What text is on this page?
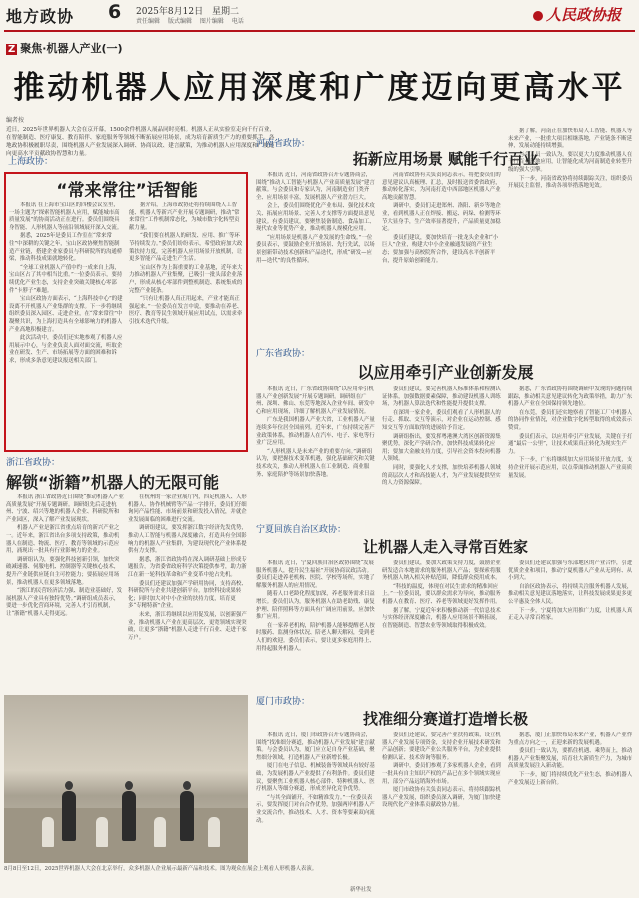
地方政协 6 2025年8月12日 星期二
责任编辑 版式编辑 图片编辑 电话	人民政协报
Z 聚焦·机器人产业(一)
推动机器人应用深度和广度迈向更高水平
编者按
近日，2025年世界机器人大会在京开幕，1500余件机器人展品同时亮相。机器人正从实验室走向千行百业，在智能制造、医疗康复、教育陪伴、家庭服务等领域不断拓展应用场景，成为培育新质生产力的重要抓手。各地政协积极履职尽责，围绕机器人产业发展深入调研、协商议政、建言献策，为推动机器人应用深度和广度迈向更高水平贡献政协智慧和力量。
上海政协：
“常来常往”话智能

本报讯 在上海市宝山区的四楼会议室里，一场主题为“探索智能机器人应用，赋能城市高质量发展”的协商活动正在进行。委员们围绕具身智能、人形机器人等前沿领域展开深入交流。

据悉，2025年是委员工作室在“常来常往”中深耕的关键之年，宝山区政协聚焦智能制造产业链，搭建企业家委员与科研院所的沟通桥梁，推动科技成果就地转化。

“全球工业机器人产值中约一成来自上海，宝山区占了其中相当比重。”一位委员表示，要持续优化产业生态，支持企业突破关键核心零部件“卡脖子”难题。

宝山区政协方面表示，“上海科技中心”的建设离不开机器人产业集群的支撑。下一步将继续组织委员深入园区、走进企业，在“常来常往”中凝聚共识，为上海打造具有全球影响力的机器人产业高地积极建言。

此次活动中，委员们还实地参观了机器人应用展示中心，与企业负责人面对面交流，听取企业在研发、生产、市场拓展等方面的困难和诉求，形成多条意见建议报送相关部门。

据介绍，上海市政协还将持续围绕人工智能、机器人等新兴产业开展专题调研，推动“常来常往”工作机制常态化，为城市数字化转型贡献力量。

“我们要在机器人的研发、应用、推广等环节持续发力。”委员们纷纷表示，希望政府加大政策扶持力度，完善机器人应用场景开放机制，让更多智能产品走进生产生活。

宝山区作为上海重要的工业基地，近年来大力推动机器人产业集聚，已吸引一批头部企业落户，形成从核心零部件到整机制造、系统集成的完整产业链条。

“只有让机器人真正用起来，产业才能真正强起来。”一位委员在发言中说，要推动在养老、医疗、教育等民生领域开展应用试点，以需求牵引技术迭代升级。

浙江省政协：
解锁“浙籍”机器人的无限可能

本报讯 浙江省政协近日围绕“推动机器人产业高质量发展”开展专题调研。调研组先后走进杭州、宁波、绍兴等地的机器人企业、科研院所和产业园区，深入了解产业发展现状。

机器人产业是浙江省重点培育的新兴产业之一。近年来，浙江省出台多项支持政策，推动机器人在制造、物流、医疗、教育等领域的示范应用，涌现出一批具有行业影响力的企业。

调研组认为，要强化科技创新引领，加快突破减速器、伺服电机、控制器等关键核心技术，提升产业链供应链自主可控能力；要拓展应用场景，推动机器人在更多领域落地。

“浙江的民营经济活力强、制造业基础好，发展机器人产业具有独特优势。”调研组成员表示，要进一步优化营商环境，完善人才引育机制，让“浙籍”机器人走得更远。

在杭州的一家企业展厅内，四足机器人、人形机器人、协作机械臂等产品一字排开，委员们仔细询问产品性能、市场前景和研发投入情况，并就企业发展面临的困难进行交流。

调研组建议，要发挥浙江数字经济先发优势，推动人工智能与机器人深度融合，打造具有全国影响力的机器人产业集群，为建设现代化产业体系提供有力支撑。

据悉，浙江省政协将在深入调研基础上形成专题报告，为省委省政府科学决策提供参考，助力浙江在新一轮科技革命和产业变革中抢占先机。

委员们还建议加强产学研用协同，支持高校、科研院所与企业共建创新平台，加快科技成果转化；同时加大对中小企业的扶持力度，培育更多“专精特新”企业。

未来，浙江将继续以应用促发展，以创新强产业，推动机器人产业在更高层次、更宽领域实现突破，让更多“浙籍”机器人走进千行百业、走进千家万户。

8月8日至12日，2025世界机器人大会在北京举行，众多机器人企业展示最新产品和技术。图为观众在展会上观看人形机器人表演。
新华社发
河南省政协：
拓新应用场景 赋能千行百业

本报讯 近日，河南省政协召开专题协商会，围绕“推动人工智能与机器人产业高质量发展”建言献策。与会委员和专家认为，河南制造业门类齐全、应用场景丰富，发展机器人产业潜力巨大。

会上，委员们围绕优化产业布局、强化技术攻关、拓展应用场景、完善人才支撑等方面提出意见建议。有委员建议，要聚焦装备制造、食品加工、现代农业等优势产业，推动机器人规模化应用。

“应用场景是机器人产业发展的生命线。”一位委员表示，要鼓励企业开放场景、先行先试，以场景创新带动技术创新和产品迭代，形成“研发—应用—迭代”的良性循环。

河南省政协有关负责同志表示，将把委员们的意见建议认真梳理、汇总，及时报送省委省政府，推动转化落实，为河南打造中西部地区机器人产业高地贡献智慧。

调研中，委员们走进郑州、洛阳、新乡等地企业，看到机器人正在焊接、搬运、码垛、检测等环节大显身手，生产效率显著提升，产品质量更加稳定。

委员们建议，要加快培育一批龙头企业和“小巨人”企业，构建大中小企业融通发展的产业生态；要加强与高校院所合作，建设高水平创新平台，提升原始创新能力。

据了解，河南正在加快布局人工智能、机器人等未来产业，一批重大项目相继落地，产业链条不断延伸，发展动能持续增强。

与会人员一致认为，要以更大力度推动机器人在千行百业落地应用，让智能化成为河南制造业转型升级的强大引擎。

下一步，河南省政协将持续跟踪关注，组织委员开展民主监督，推动各项举措落地见效。

广东省政协：
以应用牵引产业创新发展

本报讯 近日，广东省政协围绕“以应用牵引机器人产业创新发展”开展专题调研。调研组在广州、深圳、佛山、东莞等地深入企业车间、研发中心和应用现场，详细了解机器人产业发展情况。

广东是我国机器人产业大省，工业机器人产量连续多年位居全国前列。近年来，广东持续完善产业政策体系，推动机器人在汽车、电子、家电等行业广泛应用。

“人形机器人是未来产业的重要方向。”调研组认为，要把握技术变革机遇，强化基础研究和关键技术攻关，推动人形机器人在工业制造、商业服务、家庭陪护等场景加快落地。

委员们建议，要完善机器人标准体系和检测认证体系，加强数据要素保障，推动建设机器人训练场，为机器人算法迭代和性能提升提供支撑。

在深圳一家企业，委员们观看了人形机器人的行走、抓取、交互等演示，对企业在运动控制、感知交互等方面取得的进展给予肯定。

调研组指出，要发挥粤港澳大湾区创新资源集聚优势，深化产学研合作，加快科技成果转化应用；要加大金融支持力度，引导社会资本投向机器人领域。

同时，要强化人才支撑，加快培养机器人领域的高层次人才和高技能人才，为产业发展提供坚实的人力资源保障。

据悉，广东省政协将围绕调研中发现的问题持续跟踪，推动相关意见建议转化为政策举措，助力广东机器人产业在全国保持领先地位。

在东莞，委员们还实地察看了智能工厂中机器人的协同作业情况，对企业数字化转型取得的成效表示赞赏。

委员们表示，以应用牵引产业发展，关键在于打通“最后一公里”，让技术成果真正转化为现实生产力。

下一步，广东将继续加大应用场景开放力度，支持企业开展示范应用，以点带面推动机器人产业高质量发展。

宁夏回族自治区政协：
让机器人走入寻常百姓家

本报讯 近日，宁夏回族自治区政协围绕“发展服务机器人，提升民生福祉”开展协商议政活动。委员们走进养老机构、医院、学校等场所，实地了解服务机器人的应用情况。

随着人口老龄化程度加深，养老服务需求日益增长。委员们认为，服务机器人在助老助残、康复护理、陪伴照料等方面具有广阔应用前景，应加快推广应用。

在一家养老机构，陪护机器人能够提醒老人按时服药、监测身体状况、陪老人聊天解闷，受到老人们的欢迎。委员们表示，要让更多家庭用得上、用得起服务机器人。

委员们建议，要加大政策支持力度，鼓励企业研发适合本地需求的服务机器人产品；要探索将服务机器人纳入相关补贴范围，降低群众使用成本。

“科技的温度，体现在对民生需求的精准回应上。”一位委员说，要以群众需求为导向，推动服务机器人在教育、医疗、养老等领域更好发挥作用。

据了解，宁夏近年来积极推动新一代信息技术与实体经济深度融合，机器人应用场景不断拓展，在智能制造、智慧农业等领域取得积极成效。

委员们还建议加强与东部地区的产业合作，引进优质企业和项目，推动宁夏机器人产业从无到有、从小到大。

自治区政协表示，将持续关注服务机器人发展，推动相关意见建议落地落实，让科技发展成果更多更公平惠及全体人民。

下一步，宁夏将加大应用推广力度，让机器人真正走入寻常百姓家。

厦门市政协：
找准细分赛道打造增长极

本报讯 近日，厦门市政协召开专题协商会，围绕“找准细分赛道，推动机器人产业发展”建言献策。与会委员认为，厦门应立足自身产业基础，聚焦细分领域，打造机器人产业新增长极。

厦门在电子信息、机械装备等领域具有较好基础，为发展机器人产业提供了有利条件。委员们建议，要聚焦工业机器人核心部件、特种机器人、医疗机器人等细分赛道，形成差异化竞争优势。

“与其全面铺开，不如精准发力。”一位委员表示，要发挥厦门对台合作优势，加强两岸机器人产业交流合作，推动技术、人才、资本等要素双向流动。

委员们还建议，要完善产业扶持政策，设立机器人产业发展专项资金，支持企业开展技术研发和产品创新；要建设产业公共服务平台，为企业提供检测认证、技术咨询等服务。

调研中，委员们参观了多家机器人企业，看到一批具有自主知识产权的产品已在多个领域实现应用，部分产品远销海外市场。

厦门市政协有关负责同志表示，将持续跟踪机器人产业发展，组织委员深入调研，为厦门加快建设现代化产业体系贡献政协力量。

据悉，厦门正加快布局未来产业，机器人产业作为重点方向之一，正迎来新的发展机遇。

委员们一致认为，要抓住机遇、乘势而上，推动机器人产业集聚发展，培育壮大新质生产力，为城市高质量发展注入新动能。

下一步，厦门将持续优化产业生态，推动机器人产业发展迈上新台阶。
